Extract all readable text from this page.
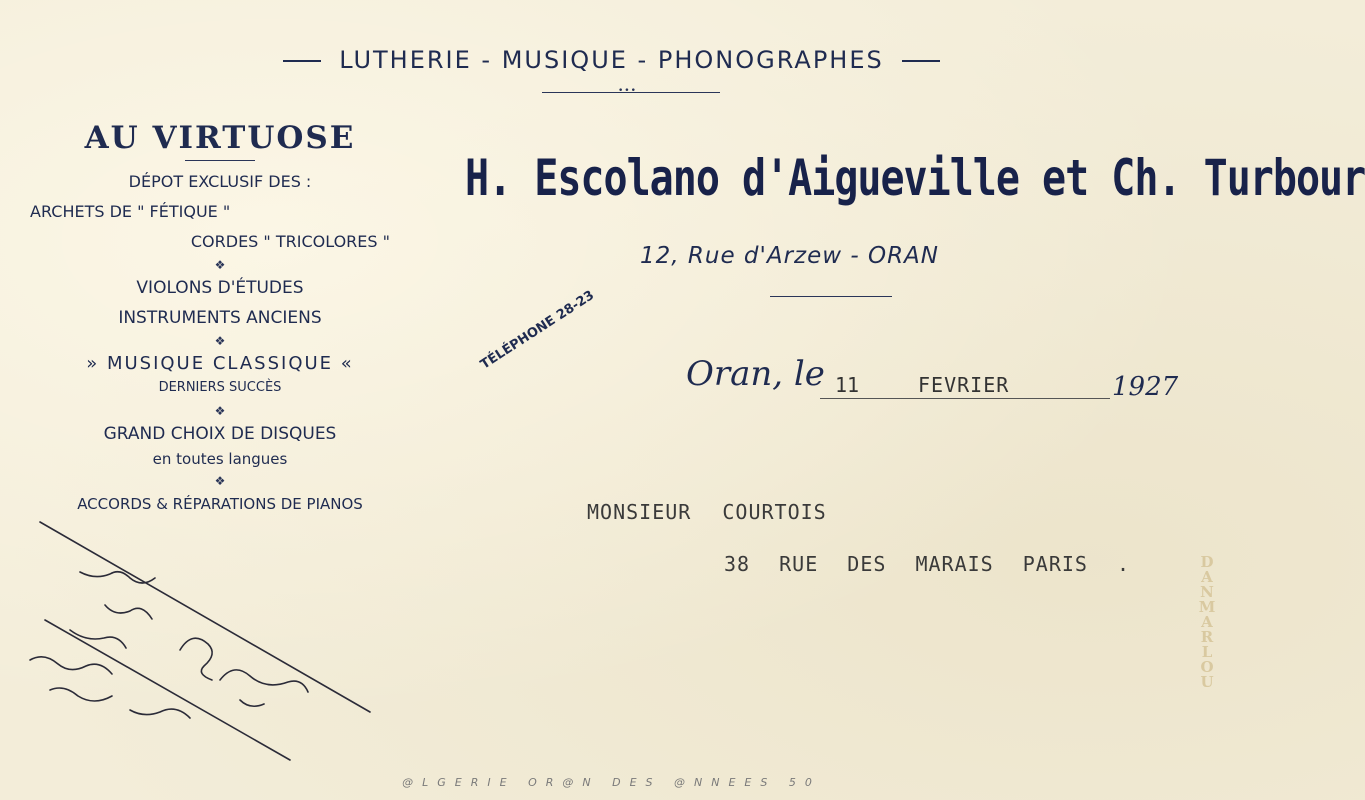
LUTHERIE - MUSIQUE - PHONOGRAPHES
•••
AU VIRTUOSE
DÉPOT EXCLUSIF DES :
ARCHETS DE " FÉTIQUE "
CORDES " TRICOLORES "
❖
VIOLONS D'ÉTUDES
INSTRUMENTS ANCIENS
❖
» MUSIQUE CLASSIQUE «
DERNIERS SUCCÈS
❖
GRAND CHOIX DE DISQUES
en toutes langues
❖
ACCORDS & RÉPARATIONS DE PIANOS
H. Escolano d'Aigueville et Ch. Turbour
12, Rue d'Arzew - ORAN
TÉLÉPHONE 28-23
Oran, le 11	FEVRIER	1927
MONSIEUR COURTOIS
38 RUE DES MARAIS PARIS .
@LGERIE OR@N DES @NNEES 50
DANMARLOU
